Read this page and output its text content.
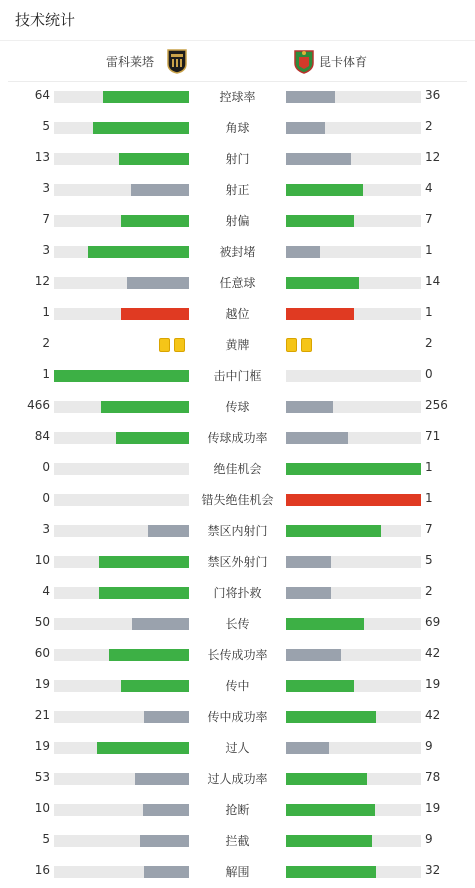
技术统计
雷科莱塔	昆卡体育
64	控球率	36
5	角球	2
13	射门	12
3	射正	4
7	射偏	7
3	被封堵	1
12	任意球	14
1	越位	1
2	黄牌	2
1	击中门框	0
466	传球	256
84	传球成功率	71
0	绝佳机会	1
0	错失绝佳机会	1
3	禁区内射门	7
10	禁区外射门	5
4	门将扑救	2
50	长传	69
60	长传成功率	42
19	传中	19
21	传中成功率	42
19	过人	9
53	过人成功率	78
10	抢断	19
5	拦截	9
16	解围	32
